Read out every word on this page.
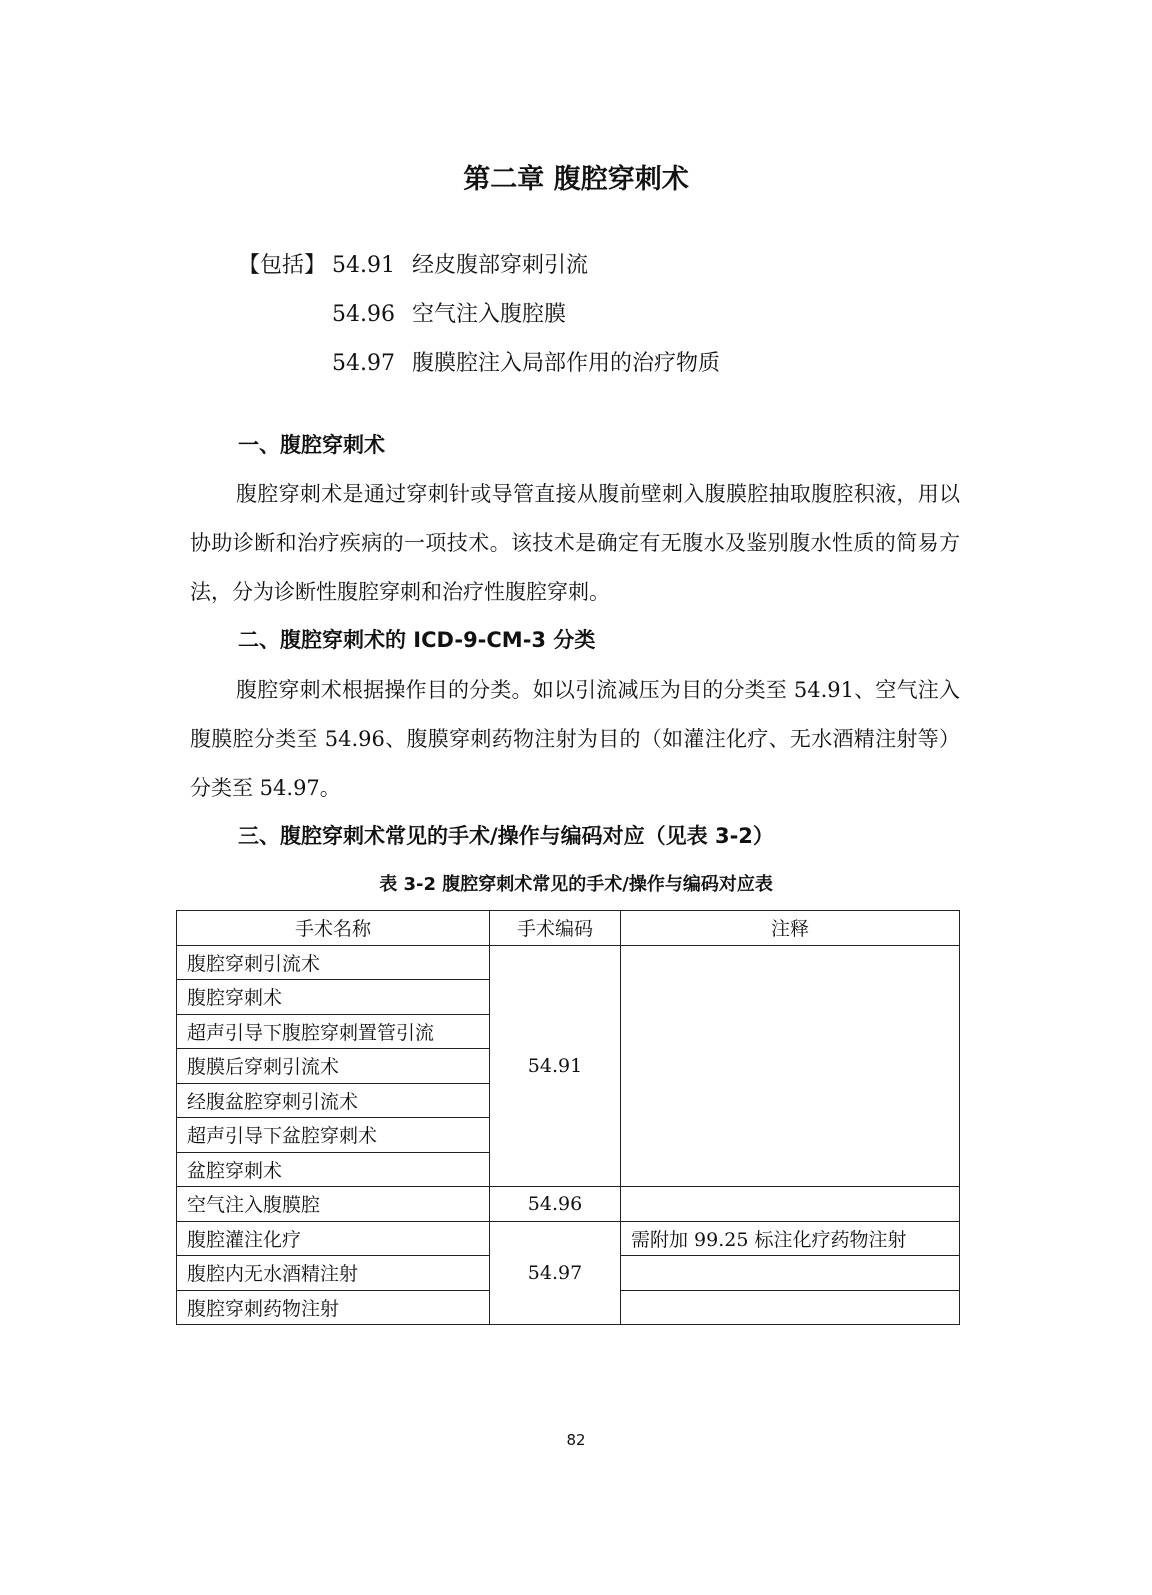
第二章 腹腔穿刺术
【包括】 54.91 经皮腹部穿刺引流
54.96 空气注入腹腔膜
54.97 腹膜腔注入局部作用的治疗物质
一、腹腔穿刺术

腹腔穿刺术是通过穿刺针或导管直接从腹前壁刺入腹膜腔抽取腹腔积液，用以协助诊断和治疗疾病的一项技术。该技术是确定有无腹水及鉴别腹水性质的简易方法，分为诊断性腹腔穿刺和治疗性腹腔穿刺。

二、腹腔穿刺术的 ICD-9-CM-3 分类

腹腔穿刺术根据操作目的分类。如以引流减压为目的分类至 54.91、空气注入腹膜腔分类至 54.96、腹膜穿刺药物注射为目的（如灌注化疗、无水酒精注射等）分类至 54.97。

三、腹腔穿刺术常见的手术/操作与编码对应（见表 3-2）
表 3-2 腹腔穿刺术常见的手术/操作与编码对应表
手术名称	手术编码	注释
腹腔穿刺引流术	54.91	
腹腔穿刺术		
超声引导下腹腔穿刺置管引流		
腹膜后穿刺引流术		
经腹盆腔穿刺引流术		
超声引导下盆腔穿刺术		
盆腔穿刺术		
空气注入腹膜腔	54.96	
腹腔灌注化疗	54.97	需附加 99.25 标注化疗药物注射
腹腔内无水酒精注射		
腹腔穿刺药物注射		
82
